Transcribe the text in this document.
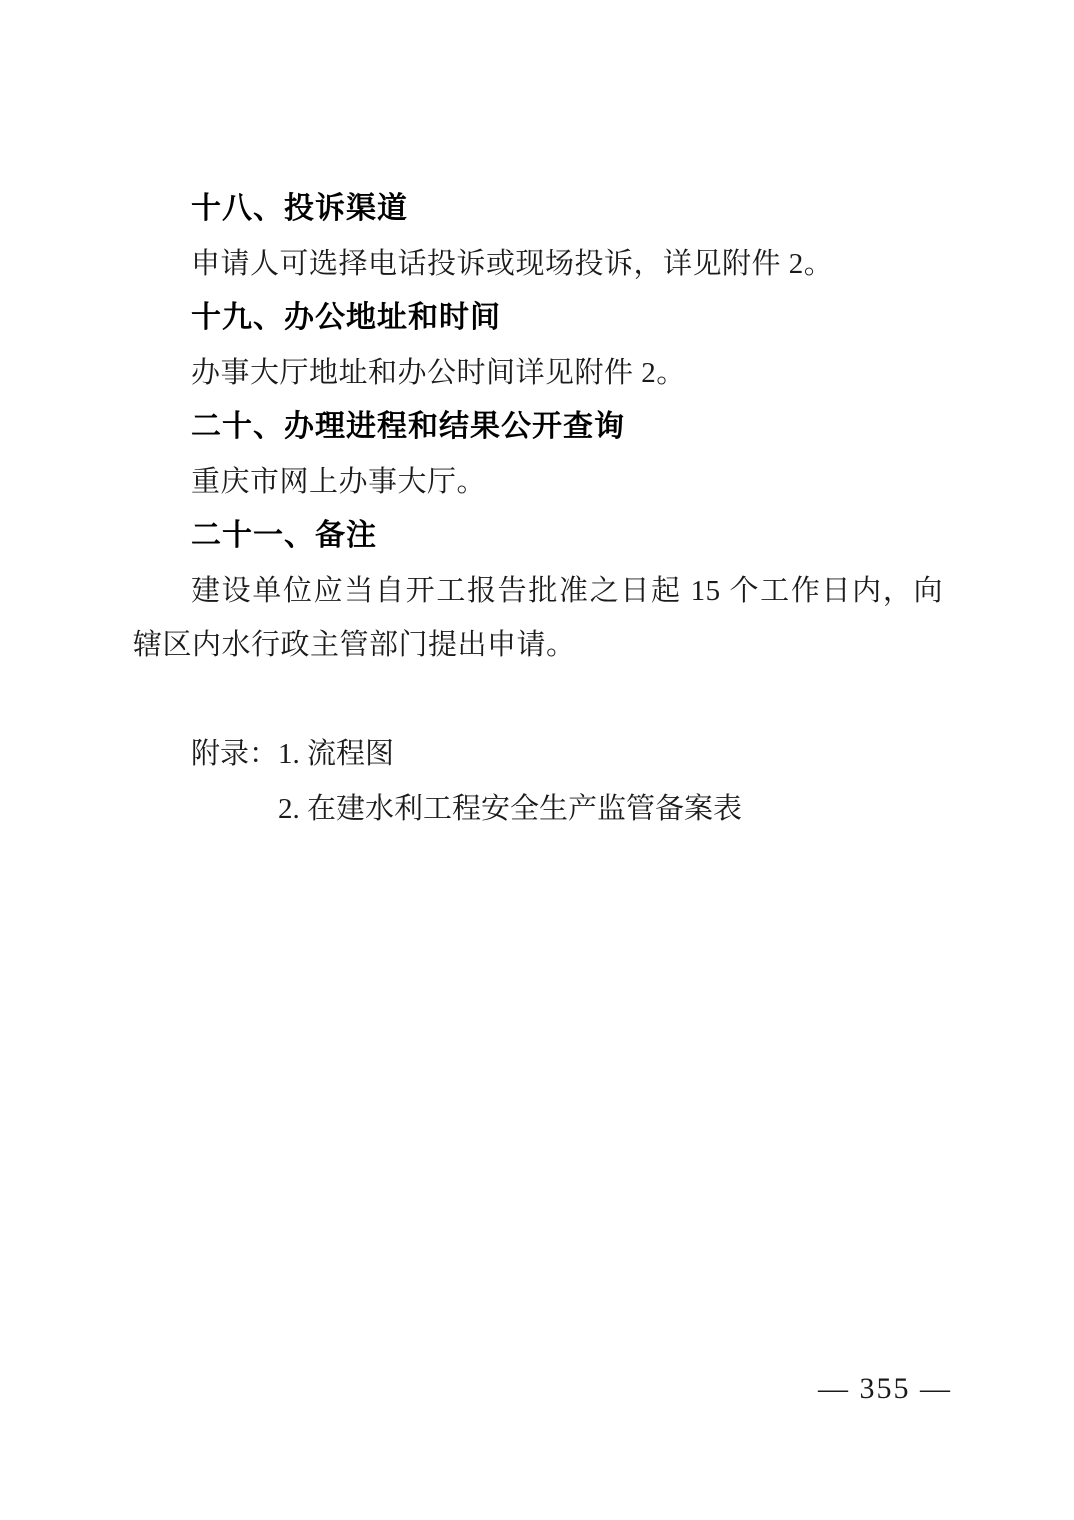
十八、投诉渠道

申请人可选择电话投诉或现场投诉，详见附件 2。

十九、办公地址和时间

办事大厅地址和办公时间详见附件 2。

二十、办理进程和结果公开查询

重庆市网上办事大厅。

二十一、备注

建设单位应当自开工报告批准之日起 15 个工作日内，向辖区内水行政主管部门提出申请。

附录： 1. 流程图
2. 在建水利工程安全生产监管备案表
— 355 —
